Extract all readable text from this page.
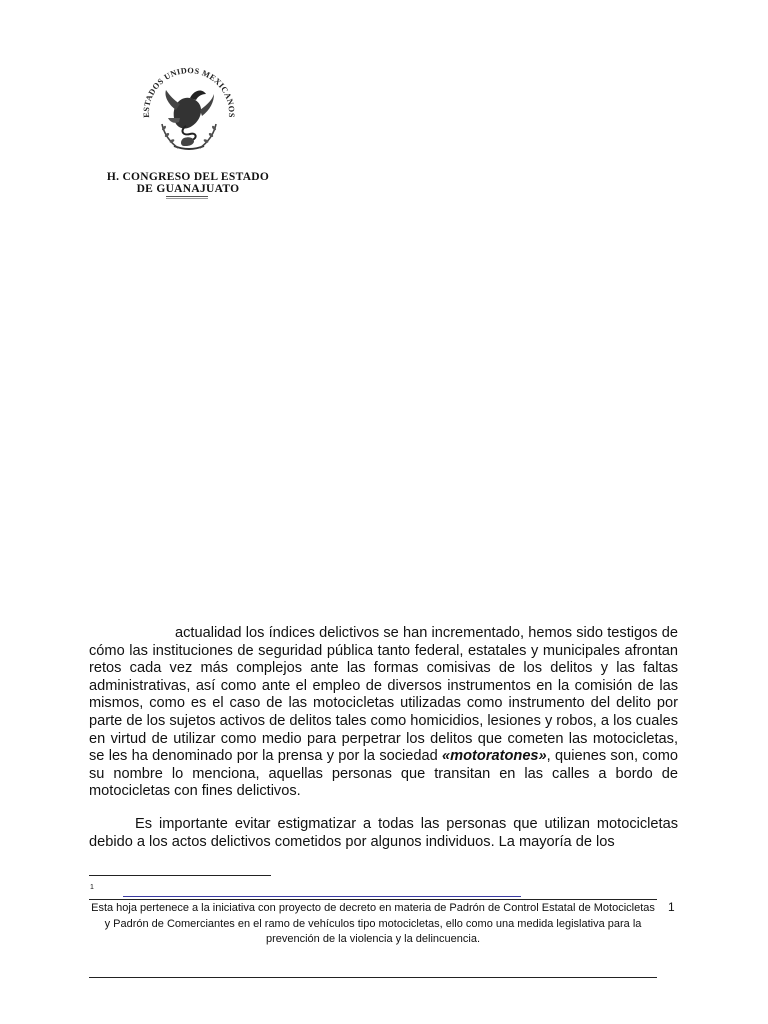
ESTADOS UNIDOS MEXICANOS
H. CONGRESO DEL ESTADO
DE GUANAJUATO

actualidad los índices delictivos se han incrementado, hemos sido testigos de cómo las instituciones de seguridad pública tanto federal, estatales y municipales afrontan retos cada vez más complejos ante las formas comisivas de los delitos y las faltas administrativas, así como ante el empleo de diversos instrumentos en la comisión de las mismos, como es el caso de las motocicletas utilizadas como instrumento del delito por parte de los sujetos activos de delitos tales como homicidios, lesiones y robos, a los cuales en virtud de utilizar como medio para perpetrar los delitos que cometen las motocicletas, se les ha denominado por la prensa y por la sociedad «motoratones», quienes son, como su nombre lo menciona, aquellas personas que transitan en las calles a bordo de motocicletas con fines delictivos.

Es importante evitar estigmatizar a todas las personas que utilizan motocicletas debido a los actos delictivos cometidos por algunos individuos. La mayoría de los

1
Esta hoja pertenece a la iniciativa con proyecto de decreto en materia de Padrón de Control Estatal de Motocicletas y Padrón de Comerciantes en el ramo de vehículos tipo motocicletas, ello como una medida legislativa para la prevención de la violencia y la delincuencia.
1
